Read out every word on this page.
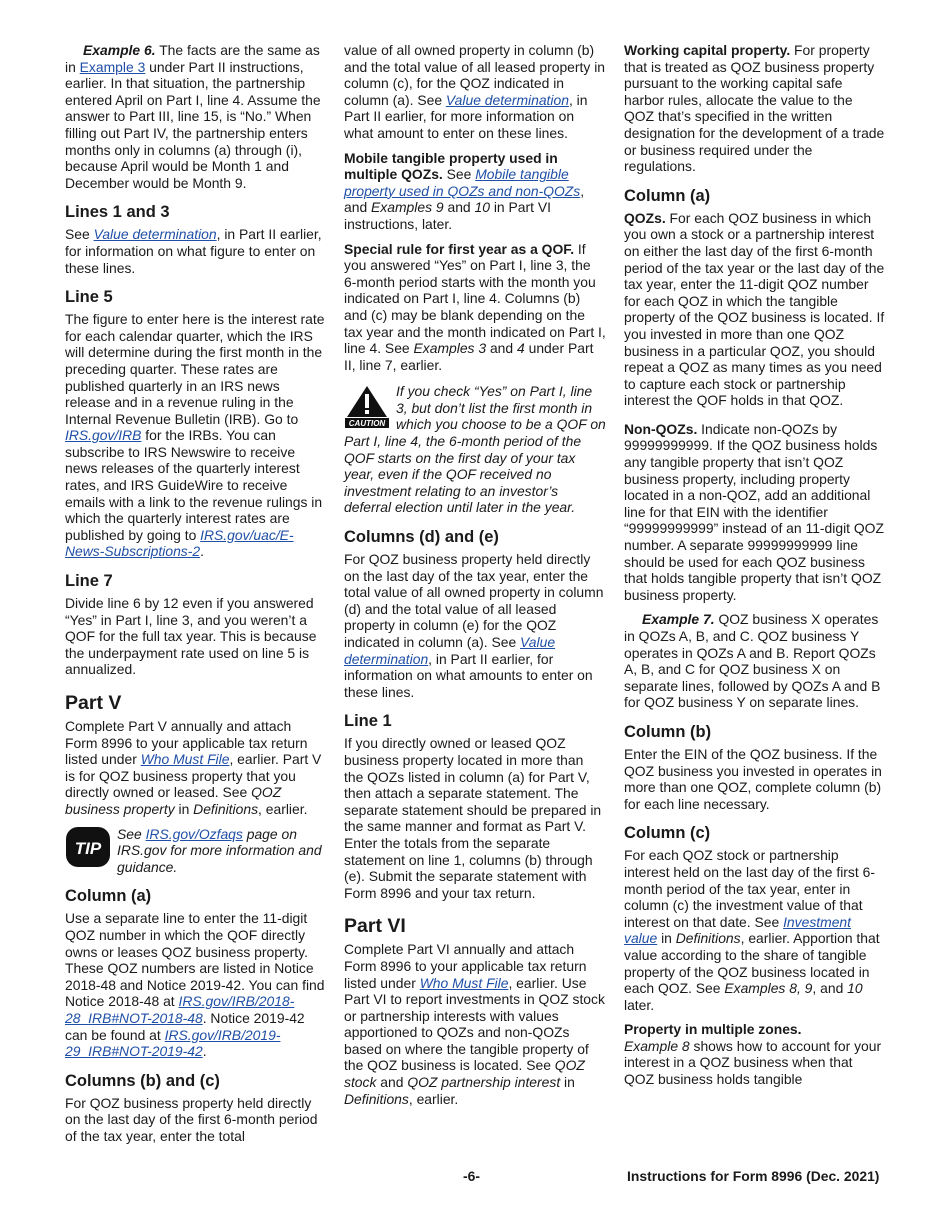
Example 6. The facts are the same as in Example 3 under Part II instructions, earlier. In that situation, the partnership entered April on Part I, line 4. Assume the answer to Part III, line 15, is “No.” When filling out Part IV, the partnership enters months only in columns (a) through (i), because April would be Month 1 and December would be Month 9.

Lines 1 and 3

See Value determination, in Part II earlier, for information on what figure to enter on these lines.

Line 5

The figure to enter here is the interest rate for each calendar quarter, which the IRS will determine during the first month in the preceding quarter. These rates are published quarterly in an IRS news release and in a revenue ruling in the Internal Revenue Bulletin (IRB). Go to IRS.gov/IRB for the IRBs. You can subscribe to IRS Newswire to receive news releases of the quarterly interest rates, and IRS GuideWire to receive emails with a link to the revenue rulings in which the quarterly interest rates are published by going to IRS.gov/uac/E-News-Subscriptions-2.

Line 7

Divide line 6 by 12 even if you answered “Yes” in Part I, line 3, and you weren’t a QOF for the full tax year. This is because the underpayment rate used on line 5 is annualized.

Part V

Complete Part V annually and attach Form 8996 to your applicable tax return listed under Who Must File, earlier. Part V is for QOZ business property that you directly owned or leased. See QOZ business property in Definitions, earlier.

TIP
See IRS.gov/Ozfaqs page on IRS.gov for more information and guidance.
Column (a)

Use a separate line to enter the 11-digit QOZ number in which the QOF directly owns or leases QOZ business property. These QOZ numbers are listed in Notice 2018-48 and Notice 2019-42. You can find Notice 2018-48 at IRS.gov/IRB/2018-28_IRB#NOT-2018-48. Notice 2019-42 can be found at IRS.gov/IRB/2019-29_IRB#NOT-2019-42.

Columns (b) and (c)

For QOZ business property held directly on the last day of the first 6-month period of the tax year, enter the total

value of all owned property in column (b) and the total value of all leased property in column (c), for the QOZ indicated in column (a). See Value determination, in Part II earlier, for more information on what amount to enter on these lines.

Mobile tangible property used in multiple QOZs. See Mobile tangible property used in QOZs and non-QOZs, and Examples 9 and 10 in Part VI instructions, later.

Special rule for first year as a QOF. If you answered “Yes” on Part I, line 3, the 6-month period starts with the month you indicated on Part I, line 4. Columns (b) and (c) may be blank depending on the tax year and the month indicated on Part I, line 4. See Examples 3 and 4 under Part II, line 7, earlier.

CAUTION
If you check “Yes” on Part I, line 3, but don’t list the first month in which you choose to be a QOF on Part I, line 4, the 6-month period of the QOF starts on the first day of your tax year, even if the QOF received no investment relating to an investor’s deferral election until later in the year.
Columns (d) and (e)

For QOZ business property held directly on the last day of the tax year, enter the total value of all owned property in column (d) and the total value of all leased property in column (e) for the QOZ indicated in column (a). See Value determination, in Part II earlier, for information on what amounts to enter on these lines.

Line 1

If you directly owned or leased QOZ business property located in more than the QOZs listed in column (a) for Part V, then attach a separate statement. The separate statement should be prepared in the same manner and format as Part V. Enter the totals from the separate statement on line 1, columns (b) through (e). Submit the separate statement with Form 8996 and your tax return.

Part VI

Complete Part VI annually and attach Form 8996 to your applicable tax return listed under Who Must File, earlier. Use Part VI to report investments in QOZ stock or partnership interests with values apportioned to QOZs and non-QOZs based on where the tangible property of the QOZ business is located. See QOZ stock and QOZ partnership interest in Definitions, earlier.

Working capital property. For property that is treated as QOZ business property pursuant to the working capital safe harbor rules, allocate the value to the QOZ that’s specified in the written designation for the development of a trade or business required under the regulations.

Column (a)

QOZs. For each QOZ business in which you own a stock or a partnership interest on either the last day of the first 6-month period of the tax year or the last day of the tax year, enter the 11-digit QOZ number for each QOZ in which the tangible property of the QOZ business is located. If you invested in more than one QOZ business in a particular QOZ, you should repeat a QOZ as many times as you need to capture each stock or partnership interest the QOF holds in that QOZ.

Non-QOZs. Indicate non-QOZs by 99999999999. If the QOZ business holds any tangible property that isn’t QOZ business property, including property located in a non-QOZ, add an additional line for that EIN with the identifier “99999999999” instead of an 11-digit QOZ number. A separate 99999999999 line should be used for each QOZ business that holds tangible property that isn’t QOZ business property.

Example 7. QOZ business X operates in QOZs A, B, and C. QOZ business Y operates in QOZs A and B. Report QOZs A, B, and C for QOZ business X on separate lines, followed by QOZs A and B for QOZ business Y on separate lines.

Column (b)

Enter the EIN of the QOZ business. If the QOZ business you invested in operates in more than one QOZ, complete column (b) for each line necessary.

Column (c)

For each QOZ stock or partnership interest held on the last day of the first 6-month period of the tax year, enter in column (c) the investment value of that interest on that date. See Investment value in Definitions, earlier. Apportion that value according to the share of tangible property of the QOZ business located in each QOZ. See Examples 8, 9, and 10 later.

Property in multiple zones.
Example 8 shows how to account for your interest in a QOZ business when that QOZ business holds tangible

-6-	Instructions for Form 8996 (Dec. 2021)
